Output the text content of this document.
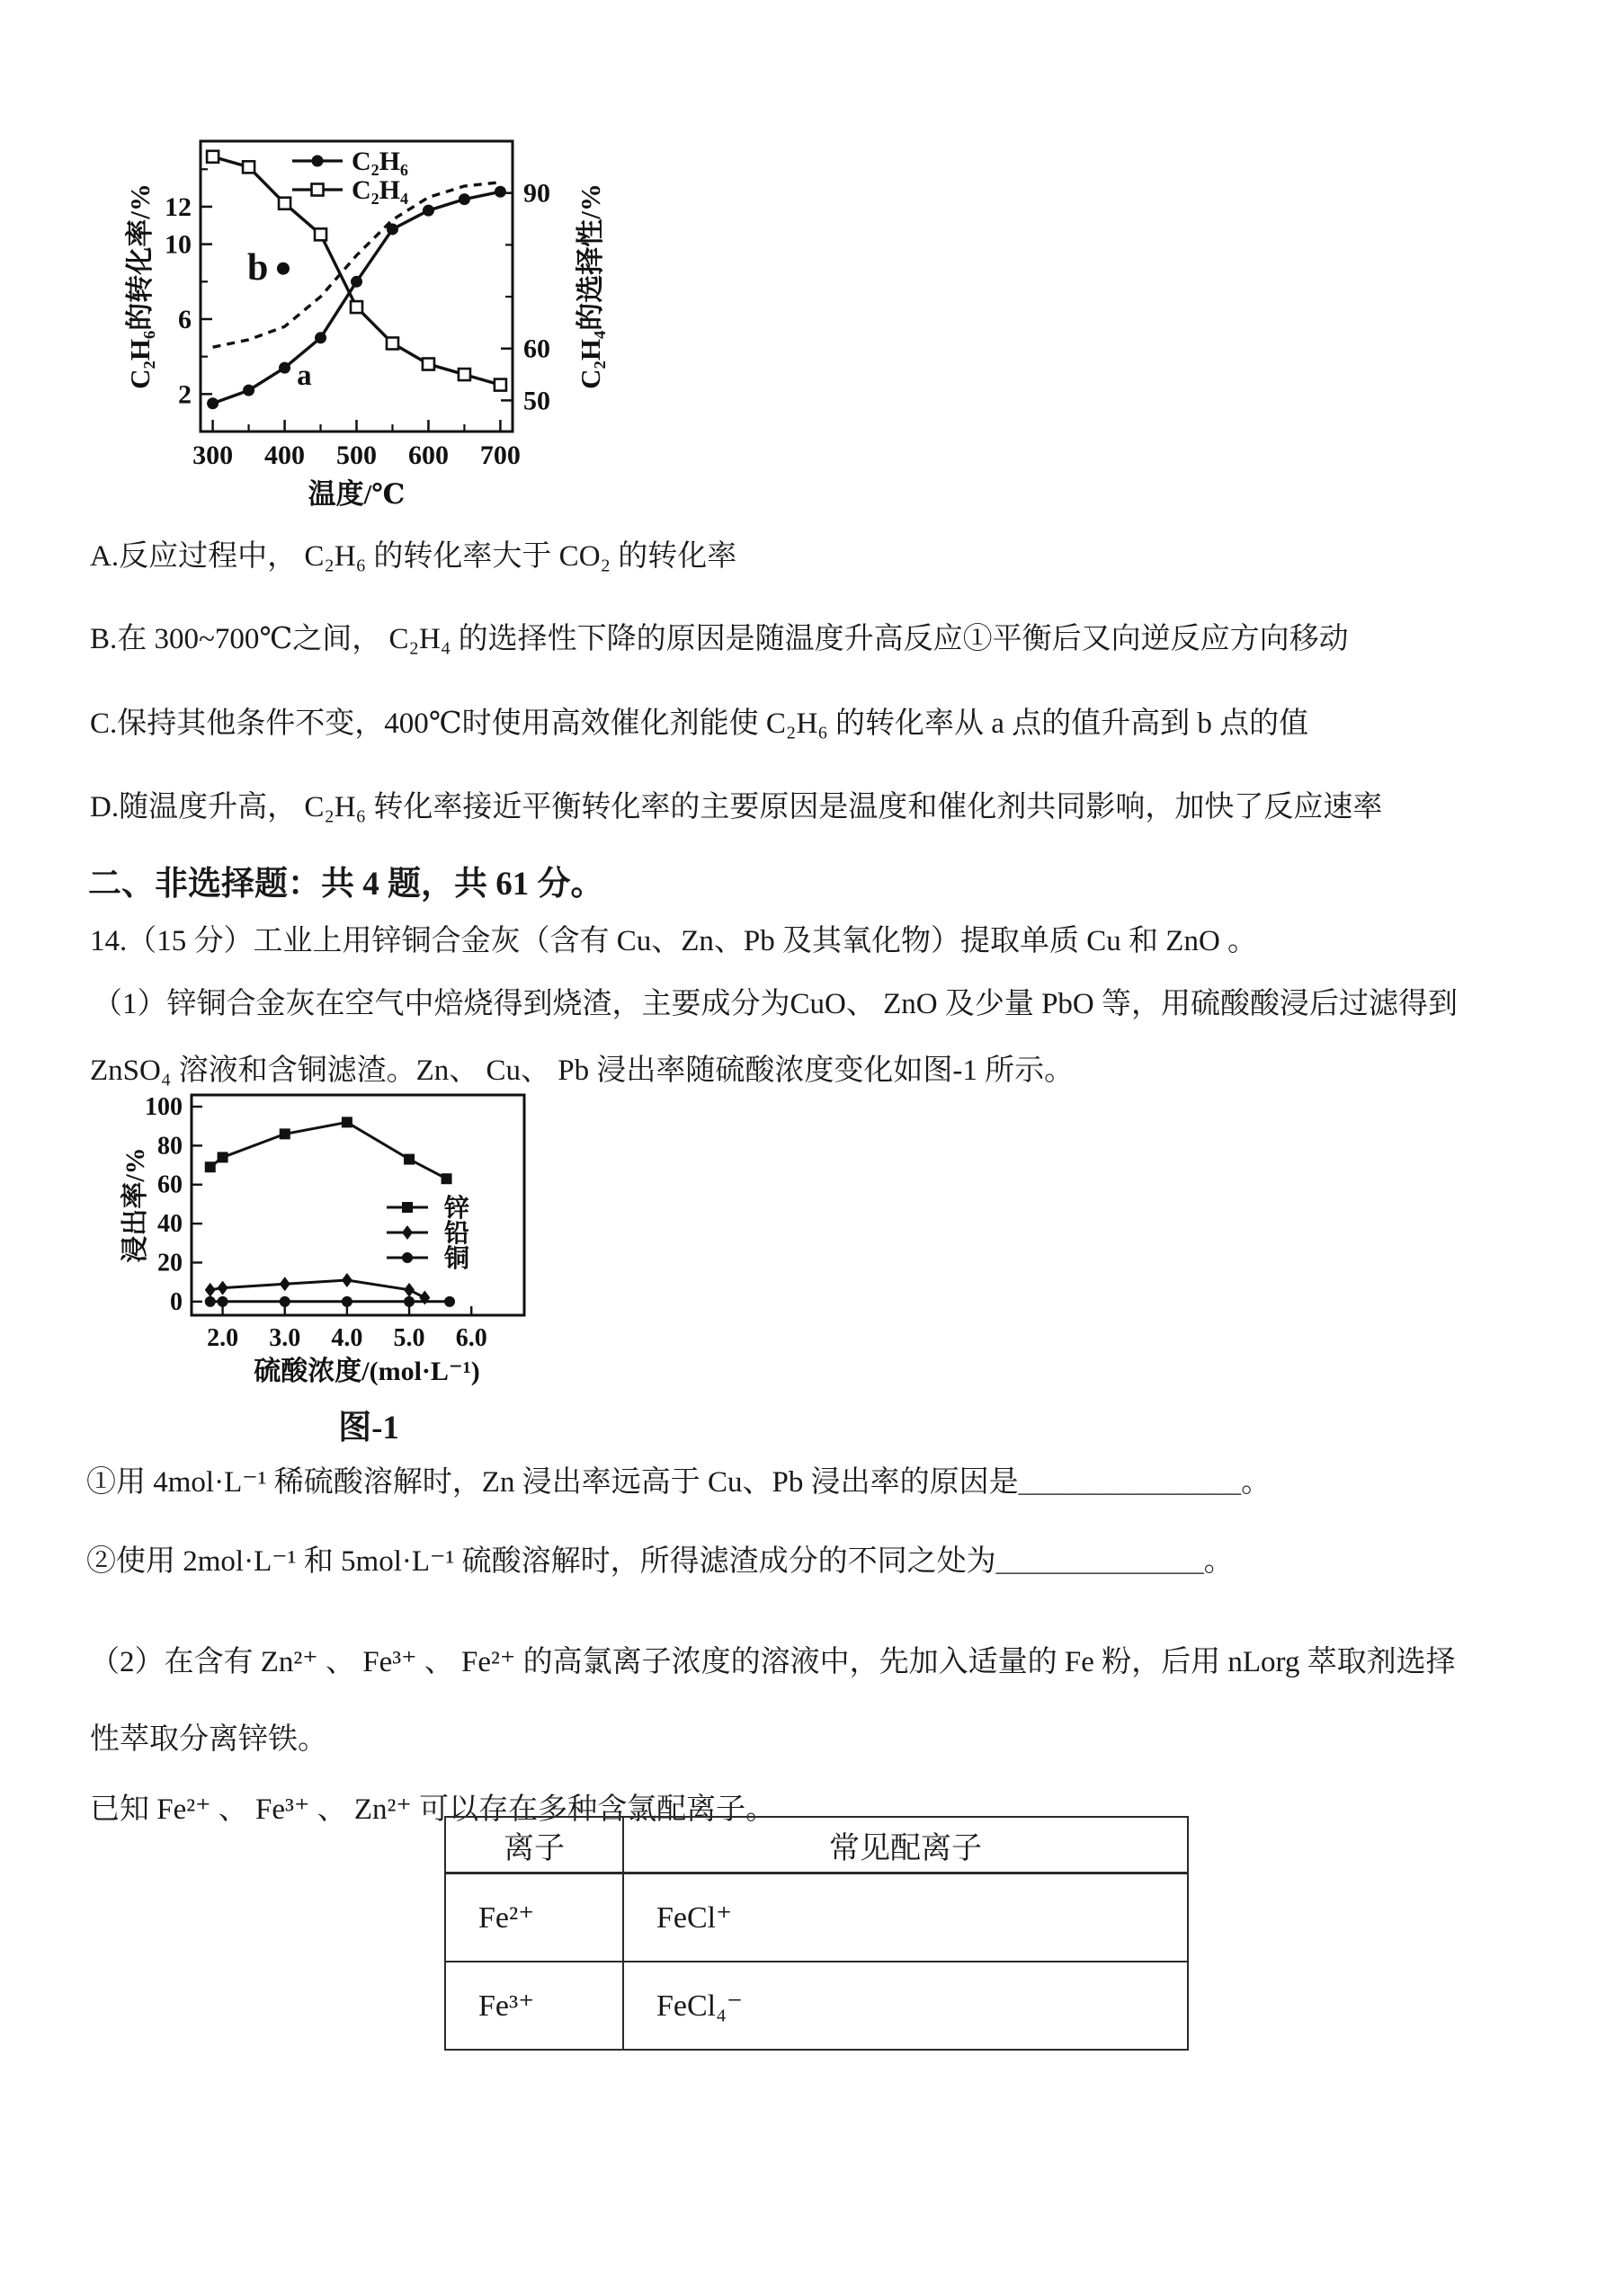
300 400 500 600 700
2
6
10
12
50
60
90
C₂H₆的转化率/%	C₂H₄的选择性/%
温度/℃
C₂H₆
C₂H₄
a
b

A.反应过程中， C₂H₆ 的转化率大于 CO₂ 的转化率

B.在 300~700℃之间， C₂H₄ 的选择性下降的原因是随温度升高反应①平衡后又向逆反应方向移动

C.保持其他条件不变，400℃时使用高效催化剂能使 C₂H₆ 的转化率从 a 点的值升高到 b 点的值

D.随温度升高， C₂H₆ 转化率接近平衡转化率的主要原因是温度和催化剂共同影响，加快了反应速率

二、非选择题：共 4 题，共 61 分。

14.（15 分）工业上用锌铜合金灰（含有 Cu、Zn、Pb 及其氧化物）提取单质 Cu 和 ZnO 。

（1）锌铜合金灰在空气中焙烧得到烧渣，主要成分为CuO、 ZnO 及少量 PbO 等，用硫酸酸浸后过滤得到

ZnSO₄ 溶液和含铜滤渣。Zn、 Cu、 Pb 浸出率随硫酸浓度变化如图-1 所示。

2.0 3.0 4.0 5.0 6.0
0
20
40
60
80
100
浸出率/%
硫酸浓度/(mol·L⁻¹)
锌
铅
铜
图-1

①用 4mol·L⁻¹ 稀硫酸溶解时，Zn 浸出率远高于 Cu、Pb 浸出率的原因是_______________。

②使用 2mol·L⁻¹ 和 5mol·L⁻¹ 硫酸溶解时，所得滤渣成分的不同之处为______________。

（2）在含有 Zn²⁺ 、 Fe³⁺ 、 Fe²⁺ 的高氯离子浓度的溶液中，先加入适量的 Fe 粉，后用 nLorg 萃取剂选择

性萃取分离锌铁。

已知 Fe²⁺ 、 Fe³⁺ 、 Zn²⁺ 可以存在多种含氯配离子。

离子	常见配离子
Fe²⁺	FeCl⁺
Fe³⁺	FeCl₄⁻
